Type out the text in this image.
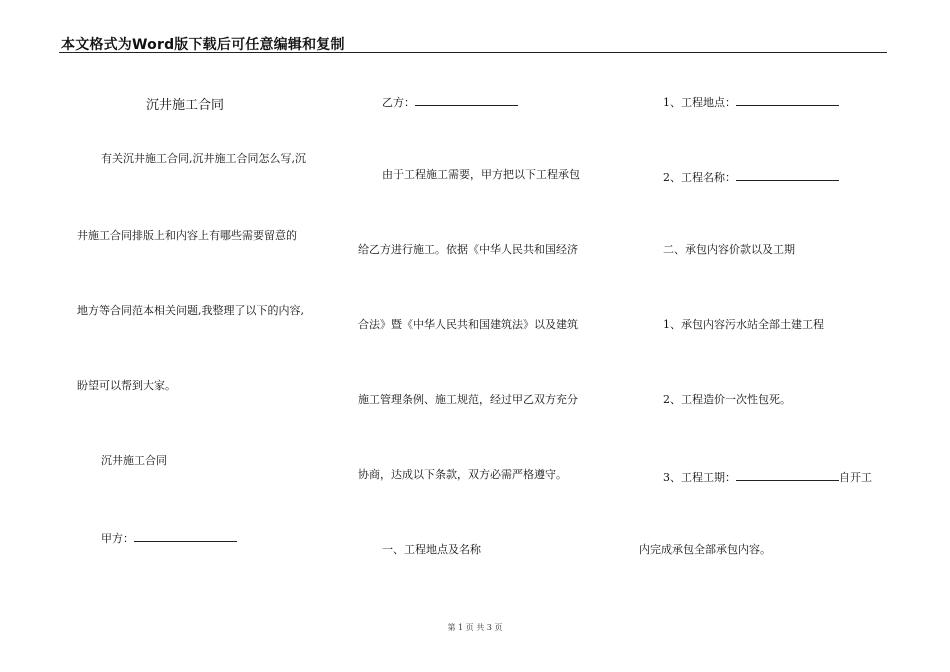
本文格式为Word版下载后可任意编辑和复制
沉井施工合同
有关沉井施工合同,沉井施工合同怎么写,沉
井施工合同排版上和内容上有哪些需要留意的
地方等合同范本相关问题,我整理了以下的内容,
盼望可以帮到大家。
沉井施工合同
甲方：
乙方：
由于工程施工需要，甲方把以下工程承包
给乙方进行施工。依据《中华人民共和国经济
合法》暨《中华人民共和国建筑法》以及建筑
施工管理条例、施工规范，经过甲乙双方充分
协商，达成以下条款，双方必需严格遵守。
一、工程地点及名称
1、工程地点：
2、工程名称：
二、承包内容价款以及工期
1、承包内容污水站全部土建工程
2、工程造价一次性包死。
3、工程工期：	自开工
内完成承包全部承包内容。
第 1 页 共 3 页
